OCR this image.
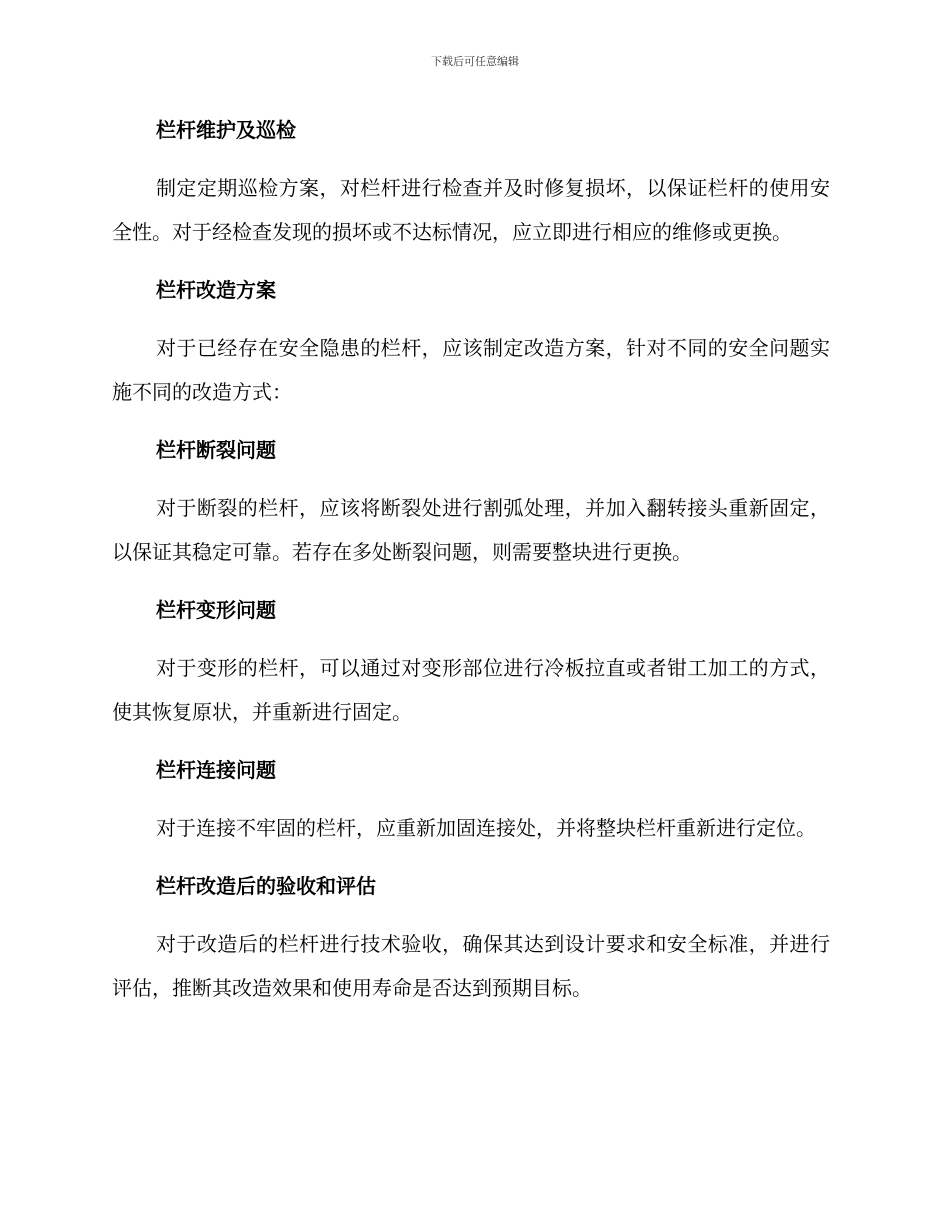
下载后可任意编辑

栏杆维护及巡检

制定定期巡检方案，对栏杆进行检查并及时修复损坏，以保证栏杆的使用安全性。对于经检查发现的损坏或不达标情况，应立即进行相应的维修或更换。

栏杆改造方案

对于已经存在安全隐患的栏杆，应该制定改造方案，针对不同的安全问题实施不同的改造方式：

栏杆断裂问题

对于断裂的栏杆，应该将断裂处进行割弧处理，并加入翻转接头重新固定，以保证其稳定可靠。若存在多处断裂问题，则需要整块进行更换。

栏杆变形问题

对于变形的栏杆，可以通过对变形部位进行冷板拉直或者钳工加工的方式，使其恢复原状，并重新进行固定。

栏杆连接问题

对于连接不牢固的栏杆，应重新加固连接处，并将整块栏杆重新进行定位。

栏杆改造后的验收和评估

对于改造后的栏杆进行技术验收，确保其达到设计要求和安全标准，并进行评估，推断其改造效果和使用寿命是否达到预期目标。
